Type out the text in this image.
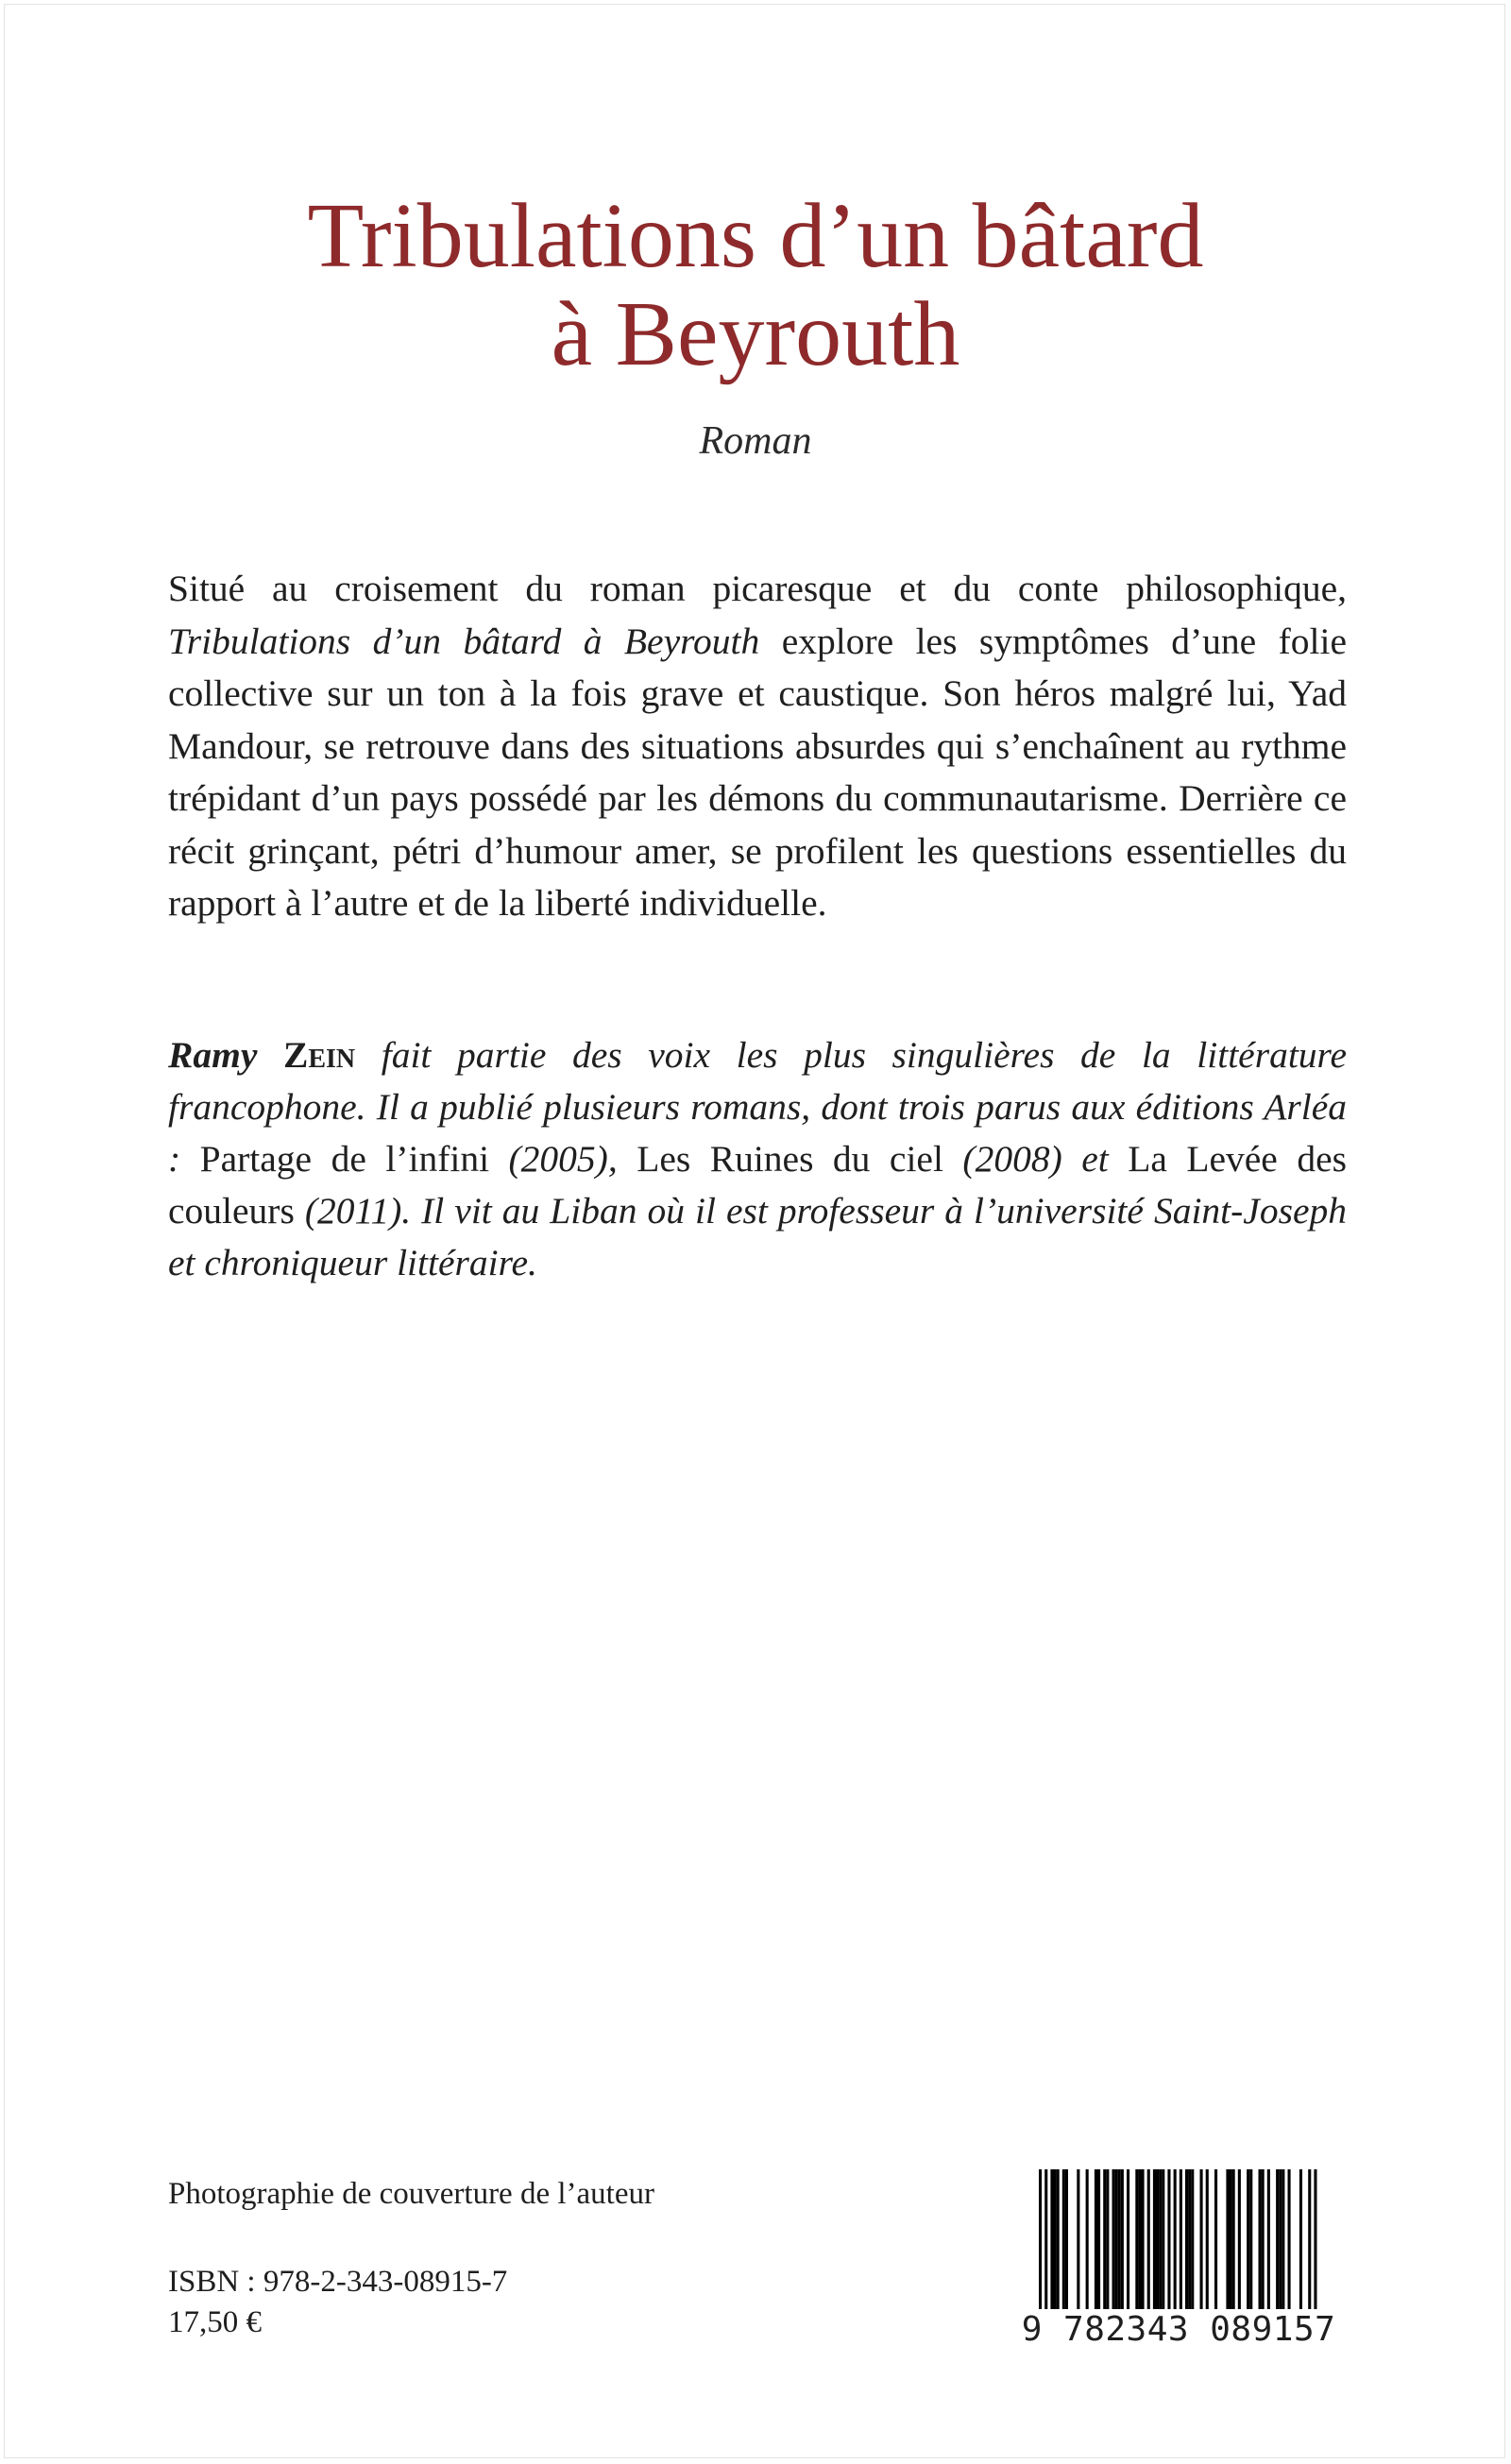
Tribulations d’un bâtard
à Beyrouth
Roman

Situé au croisement du roman picaresque et du conte philosophique, Tribulations d’un bâtard à Beyrouth explore les symptômes d’une folie collective sur un ton à la fois grave et caustique. Son héros malgré lui, Yad Mandour, se retrouve dans des situations absurdes qui s’enchaînent au rythme trépidant d’un pays possédé par les démons du communautarisme. Derrière ce récit grinçant, pétri d’humour amer, se profilent les questions essentielles du rapport à l’autre et de la liberté individuelle.

Ramy Zein fait partie des voix les plus singulières de la littérature francophone. Il a publié plusieurs romans, dont trois parus aux éditions Arléa : Partage de l’infini (2005), Les Ruines du ciel (2008) et La Levée des couleurs (2011). Il vit au Liban où il est professeur à l’université Saint-Joseph et chroniqueur littéraire.

Photographie de couverture de l’auteur
ISBN : 978-2-343-08915-7
17,50 €	9 782343 089157
